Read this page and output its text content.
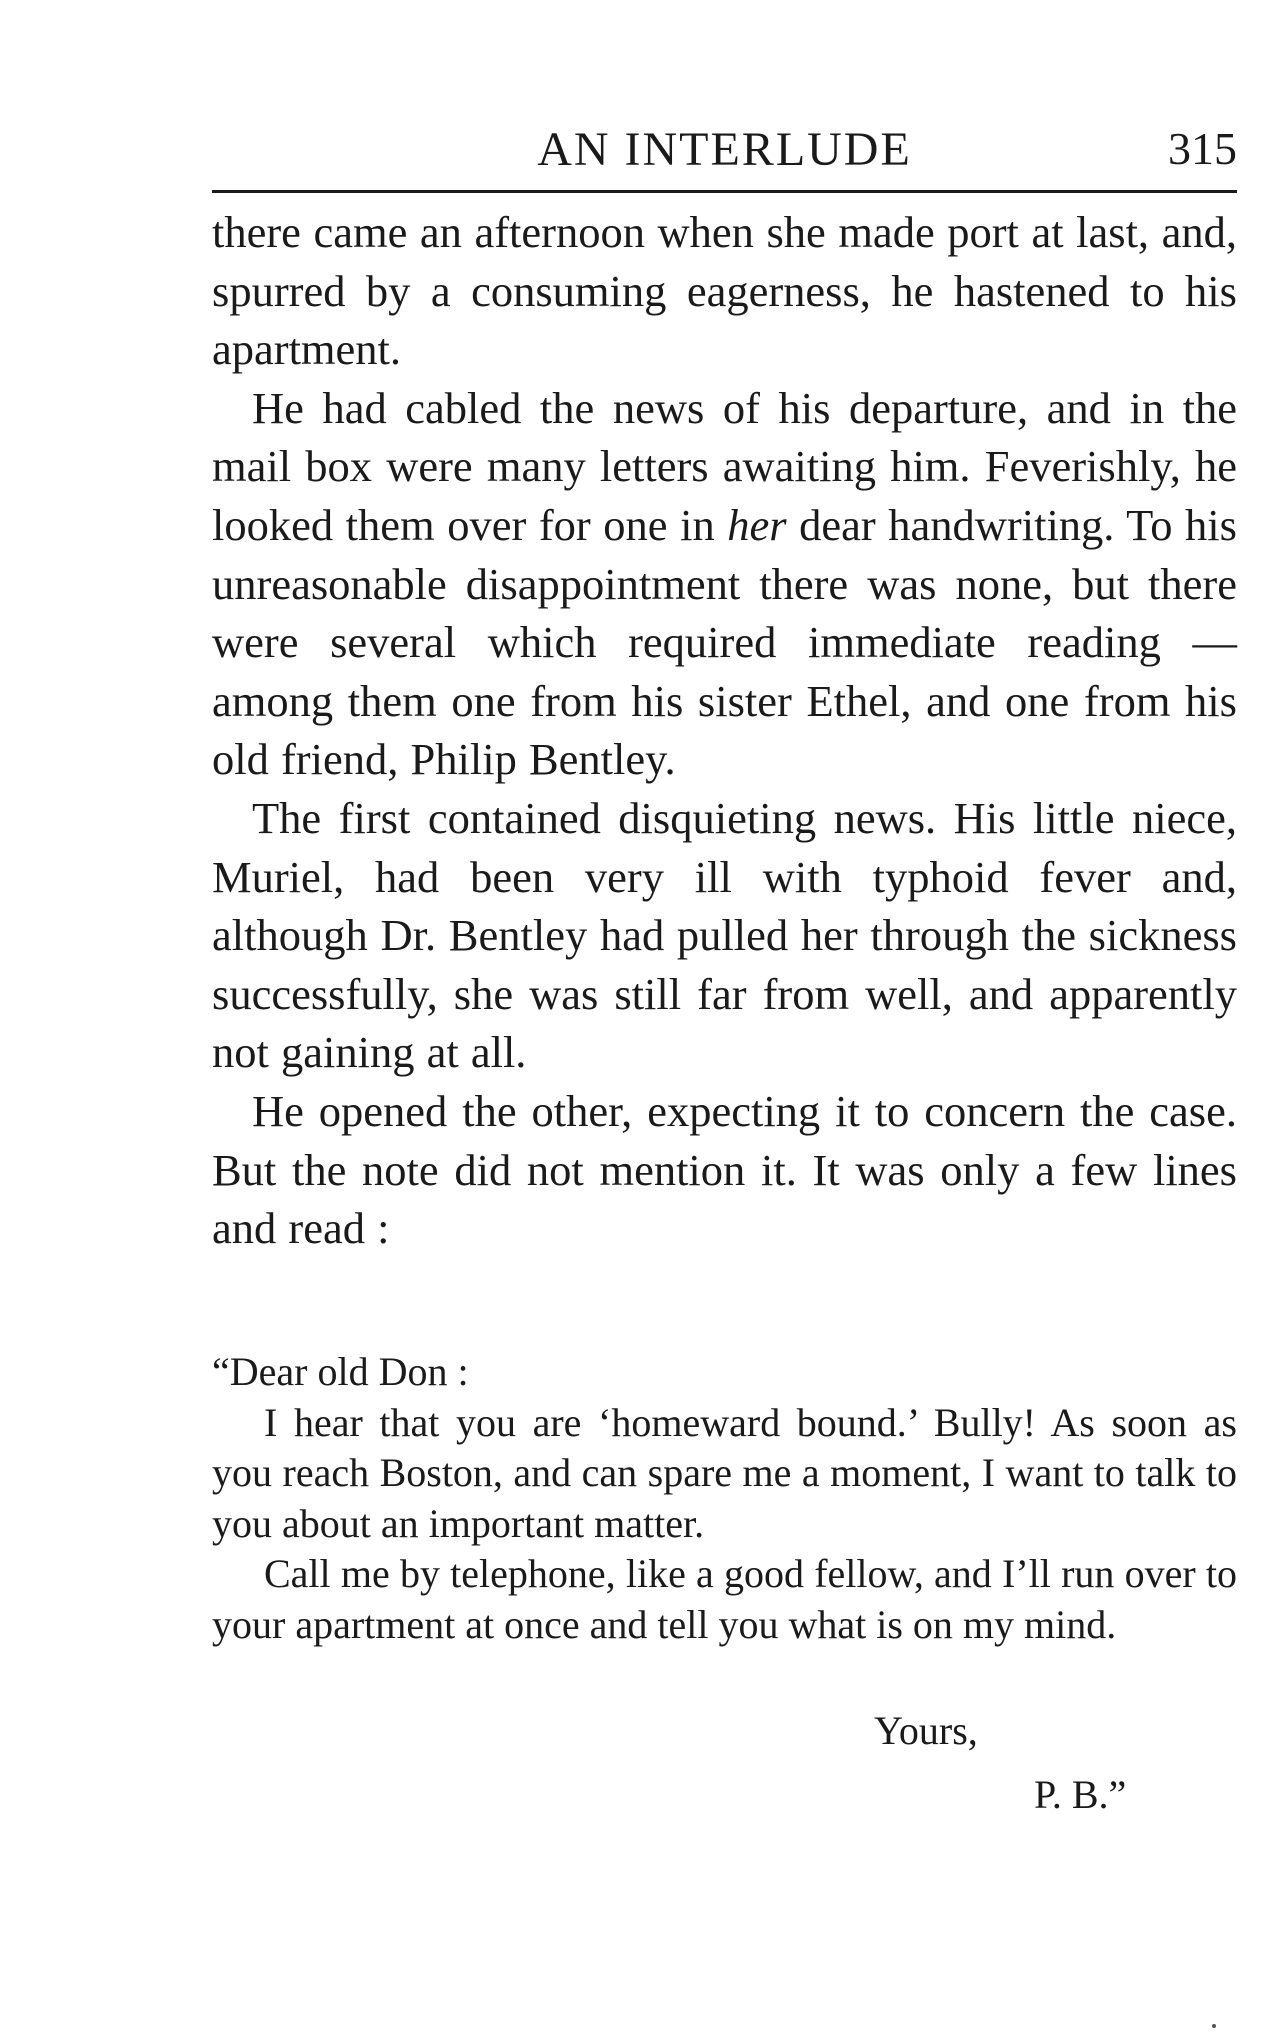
AN INTERLUDE	315

there came an afternoon when she made port at last, and, spurred by a consuming eagerness, he hastened to his apartment.

He had cabled the news of his departure, and in the mail box were many letters awaiting him. Feverishly, he looked them over for one in her dear handwriting. To his unreasonable disappointment there was none, but there were several which required immediate reading — among them one from his sister Ethel, and one from his old friend, Philip Bentley.

The first contained disquieting news. His little niece, Muriel, had been very ill with typhoid fever and, although Dr. Bentley had pulled her through the sickness successfully, she was still far from well, and apparently not gaining at all.

He opened the other, expecting it to concern the case. But the note did not mention it. It was only a few lines and read :

“Dear old Don :

I hear that you are ‘homeward bound.’ Bully! As soon as you reach Boston, and can spare me a moment, I want to talk to you about an important matter.

Call me by telephone, like a good fellow, and I’ll run over to your apartment at once and tell you what is on my mind.

Yours,
P. B.”
